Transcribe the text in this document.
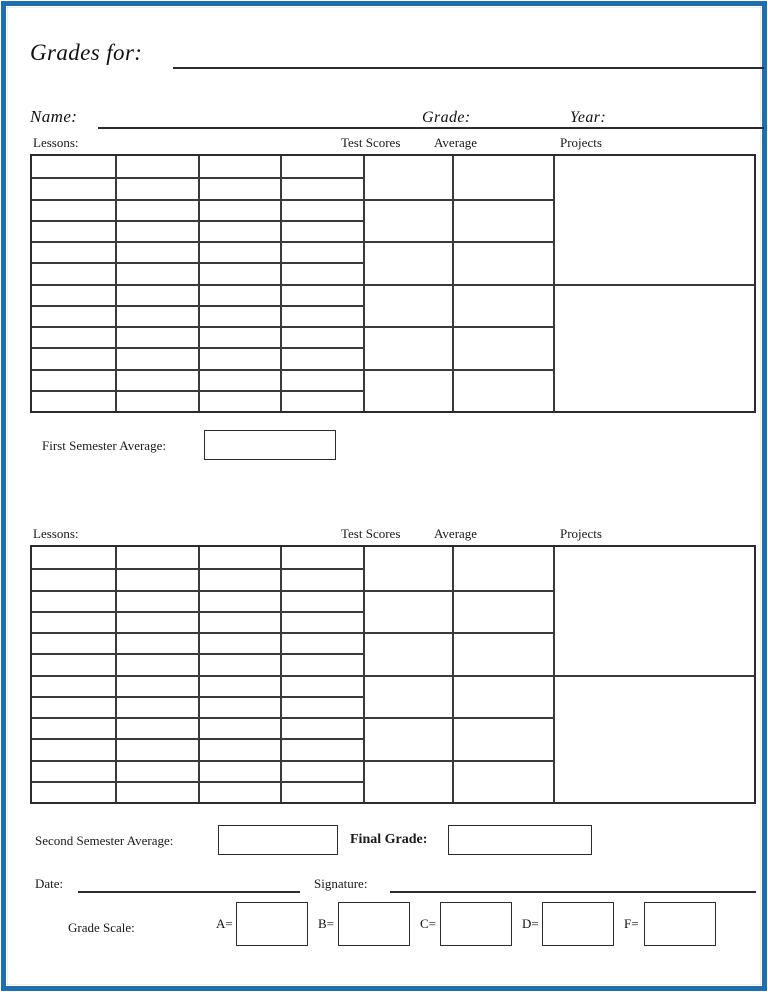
Grades for:
Name:	Grade:	Year:
Lessons:	Test Scores	Average	Projects
First Semester Average:
Lessons:	Test Scores	Average	Projects
Second Semester Average:	Final Grade:
Date:	Signature:
Grade Scale:	A=	B=	C=	D=	F=
